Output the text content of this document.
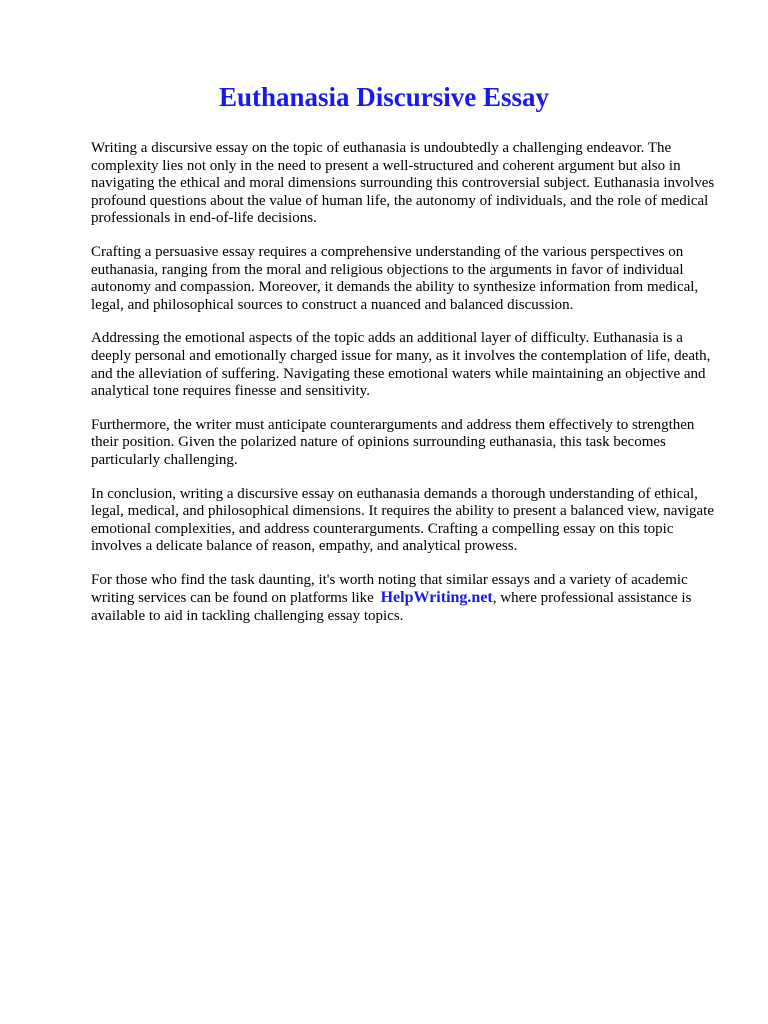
Euthanasia Discursive Essay

Writing a discursive essay on the topic of euthanasia is undoubtedly a challenging endeavor. The complexity lies not only in the need to present a well-structured and coherent argument but also in navigating the ethical and moral dimensions surrounding this controversial subject. Euthanasia involves profound questions about the value of human life, the autonomy of individuals, and the role of medical professionals in end-of-life decisions.

Crafting a persuasive essay requires a comprehensive understanding of the various perspectives on euthanasia, ranging from the moral and religious objections to the arguments in favor of individual autonomy and compassion. Moreover, it demands the ability to synthesize information from medical, legal, and philosophical sources to construct a nuanced and balanced discussion.

Addressing the emotional aspects of the topic adds an additional layer of difficulty. Euthanasia is a deeply personal and emotionally charged issue for many, as it involves the contemplation of life, death, and the alleviation of suffering. Navigating these emotional waters while maintaining an objective and analytical tone requires finesse and sensitivity.

Furthermore, the writer must anticipate counterarguments and address them effectively to strengthen their position. Given the polarized nature of opinions surrounding euthanasia, this task becomes particularly challenging.

In conclusion, writing a discursive essay on euthanasia demands a thorough understanding of ethical, legal, medical, and philosophical dimensions. It requires the ability to present a balanced view, navigate emotional complexities, and address counterarguments. Crafting a compelling essay on this topic involves a delicate balance of reason, empathy, and analytical prowess.

For those who find the task daunting, it's worth noting that similar essays and a variety of academic writing services can be found on platforms like HelpWriting.net, where professional assistance is available to aid in tackling challenging essay topics.
